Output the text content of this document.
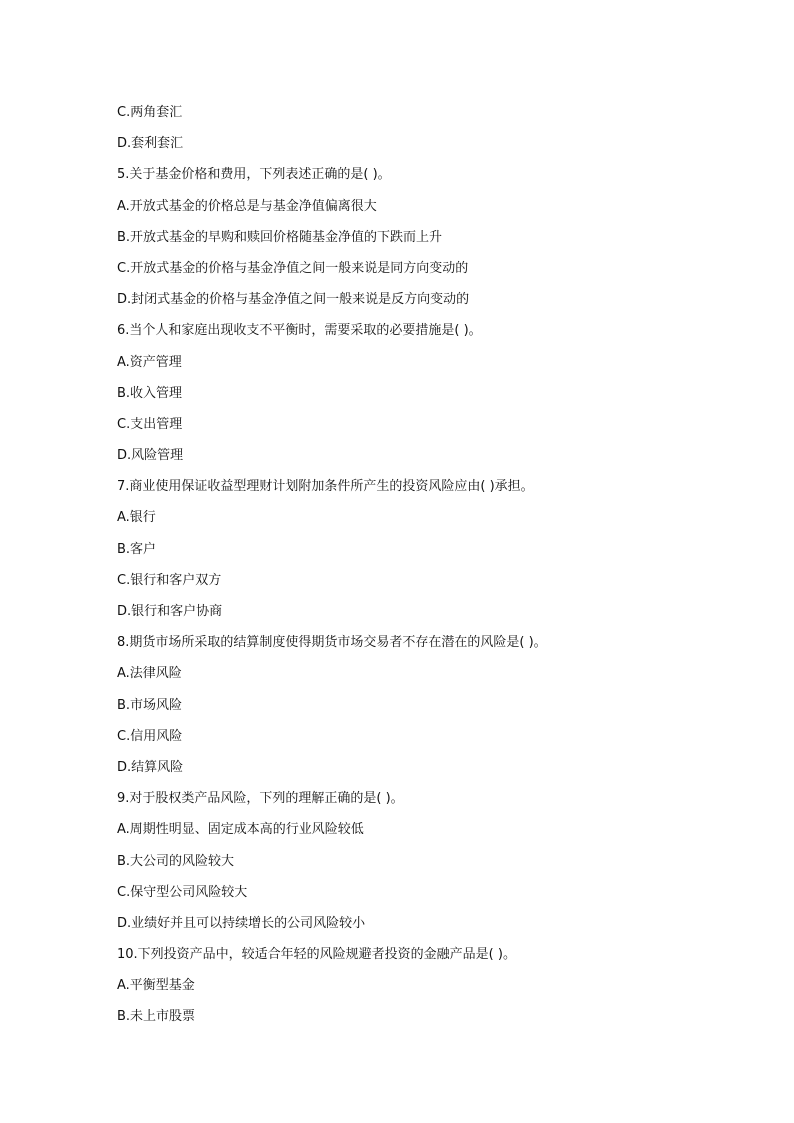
C.两角套汇
D.套利套汇
5.关于基金价格和费用，下列表述正确的是( )。
A.开放式基金的价格总是与基金净值偏离很大
B.开放式基金的早购和赎回价格随基金净值的下跌而上升
C.开放式基金的价格与基金净值之间一般来说是同方向变动的
D.封闭式基金的价格与基金净值之间一般来说是反方向变动的
6.当个人和家庭出现收支不平衡时，需要采取的必要措施是( )。
A.资产管理
B.收入管理
C.支出管理
D.风险管理
7.商业使用保证收益型理财计划附加条件所产生的投资风险应由( )承担。
A.银行
B.客户
C.银行和客户双方
D.银行和客户协商
8.期货市场所采取的结算制度使得期货市场交易者不存在潜在的风险是( )。
A.法律风险
B.市场风险
C.信用风险
D.结算风险
9.对于股权类产品风险，下列的理解正确的是( )。
A.周期性明显、固定成本高的行业风险较低
B.大公司的风险较大
C.保守型公司风险较大
D.业绩好并且可以持续增长的公司风险较小
10.下列投资产品中，较适合年轻的风险规避者投资的金融产品是( )。
A.平衡型基金
B.未上市股票
